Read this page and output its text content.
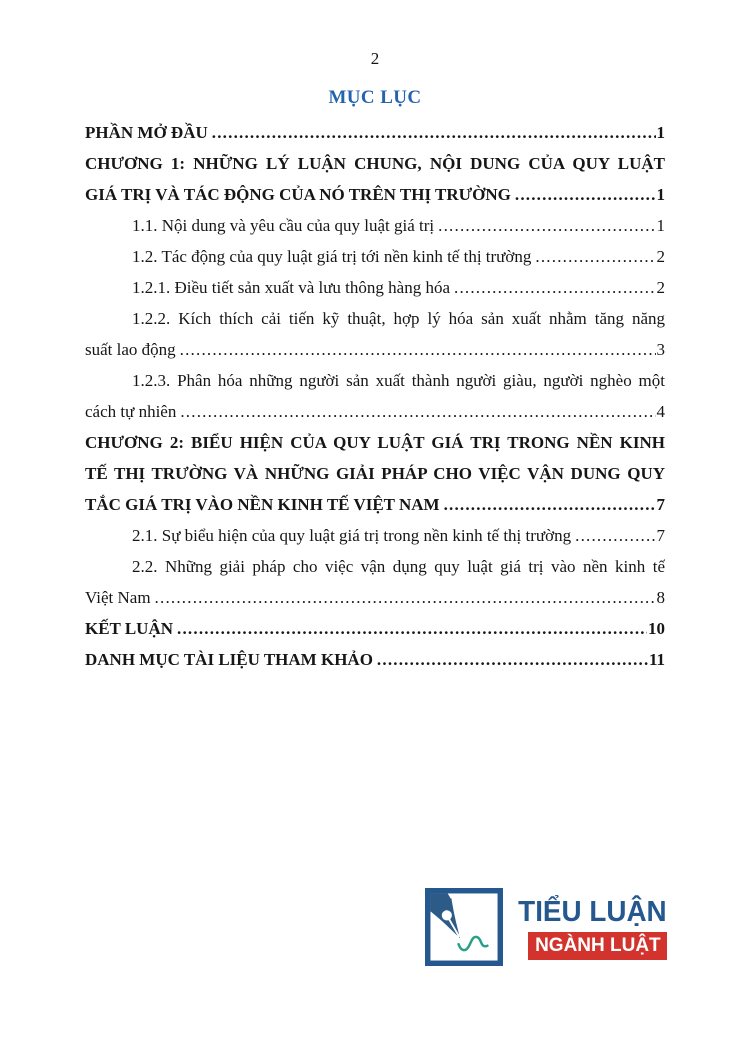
2
MỤC LỤC
PHẦN MỞ ĐẦU .....	1
CHƯƠNG 1: NHỮNG LÝ LUẬN CHUNG, NỘI DUNG CỦA QUY LUẬT
GIÁ TRỊ VÀ TÁC ĐỘNG CỦA NÓ TRÊN THỊ TRƯỜNG .....	1
1.1. Nội dung và yêu cầu của quy luật giá trị .....	1
1.2. Tác động của quy luật giá trị tới nền kinh tế thị trường .....	2
1.2.1. Điều tiết sản xuất và lưu thông hàng hóa .....	2
1.2.2. Kích thích cải tiến kỹ thuật, hợp lý hóa sản xuất nhằm tăng năng
suất lao động .....	3
1.2.3. Phân hóa những người sản xuất thành người giàu, người nghèo một
cách tự nhiên .....	4
CHƯƠNG 2: BIỂU HIỆN CỦA QUY LUẬT GIÁ TRỊ TRONG NỀN KINH
TẾ THỊ TRƯỜNG VÀ NHỮNG GIẢI PHÁP CHO VIỆC VẬN DUNG QUY
TẮC GIÁ TRỊ VÀO NỀN KINH TẾ VIỆT NAM .....	7
2.1. Sự biểu hiện của quy luật giá trị trong nền kinh tế thị trường .....	7
2.2. Những giải pháp cho việc vận dụng quy luật giá trị vào nền kinh tế
Việt Nam .....	8
KẾT LUẬN .....	10
DANH MỤC TÀI LIỆU THAM KHẢO .....	11
TIỂU LUẬN
NGÀNH LUẬT
